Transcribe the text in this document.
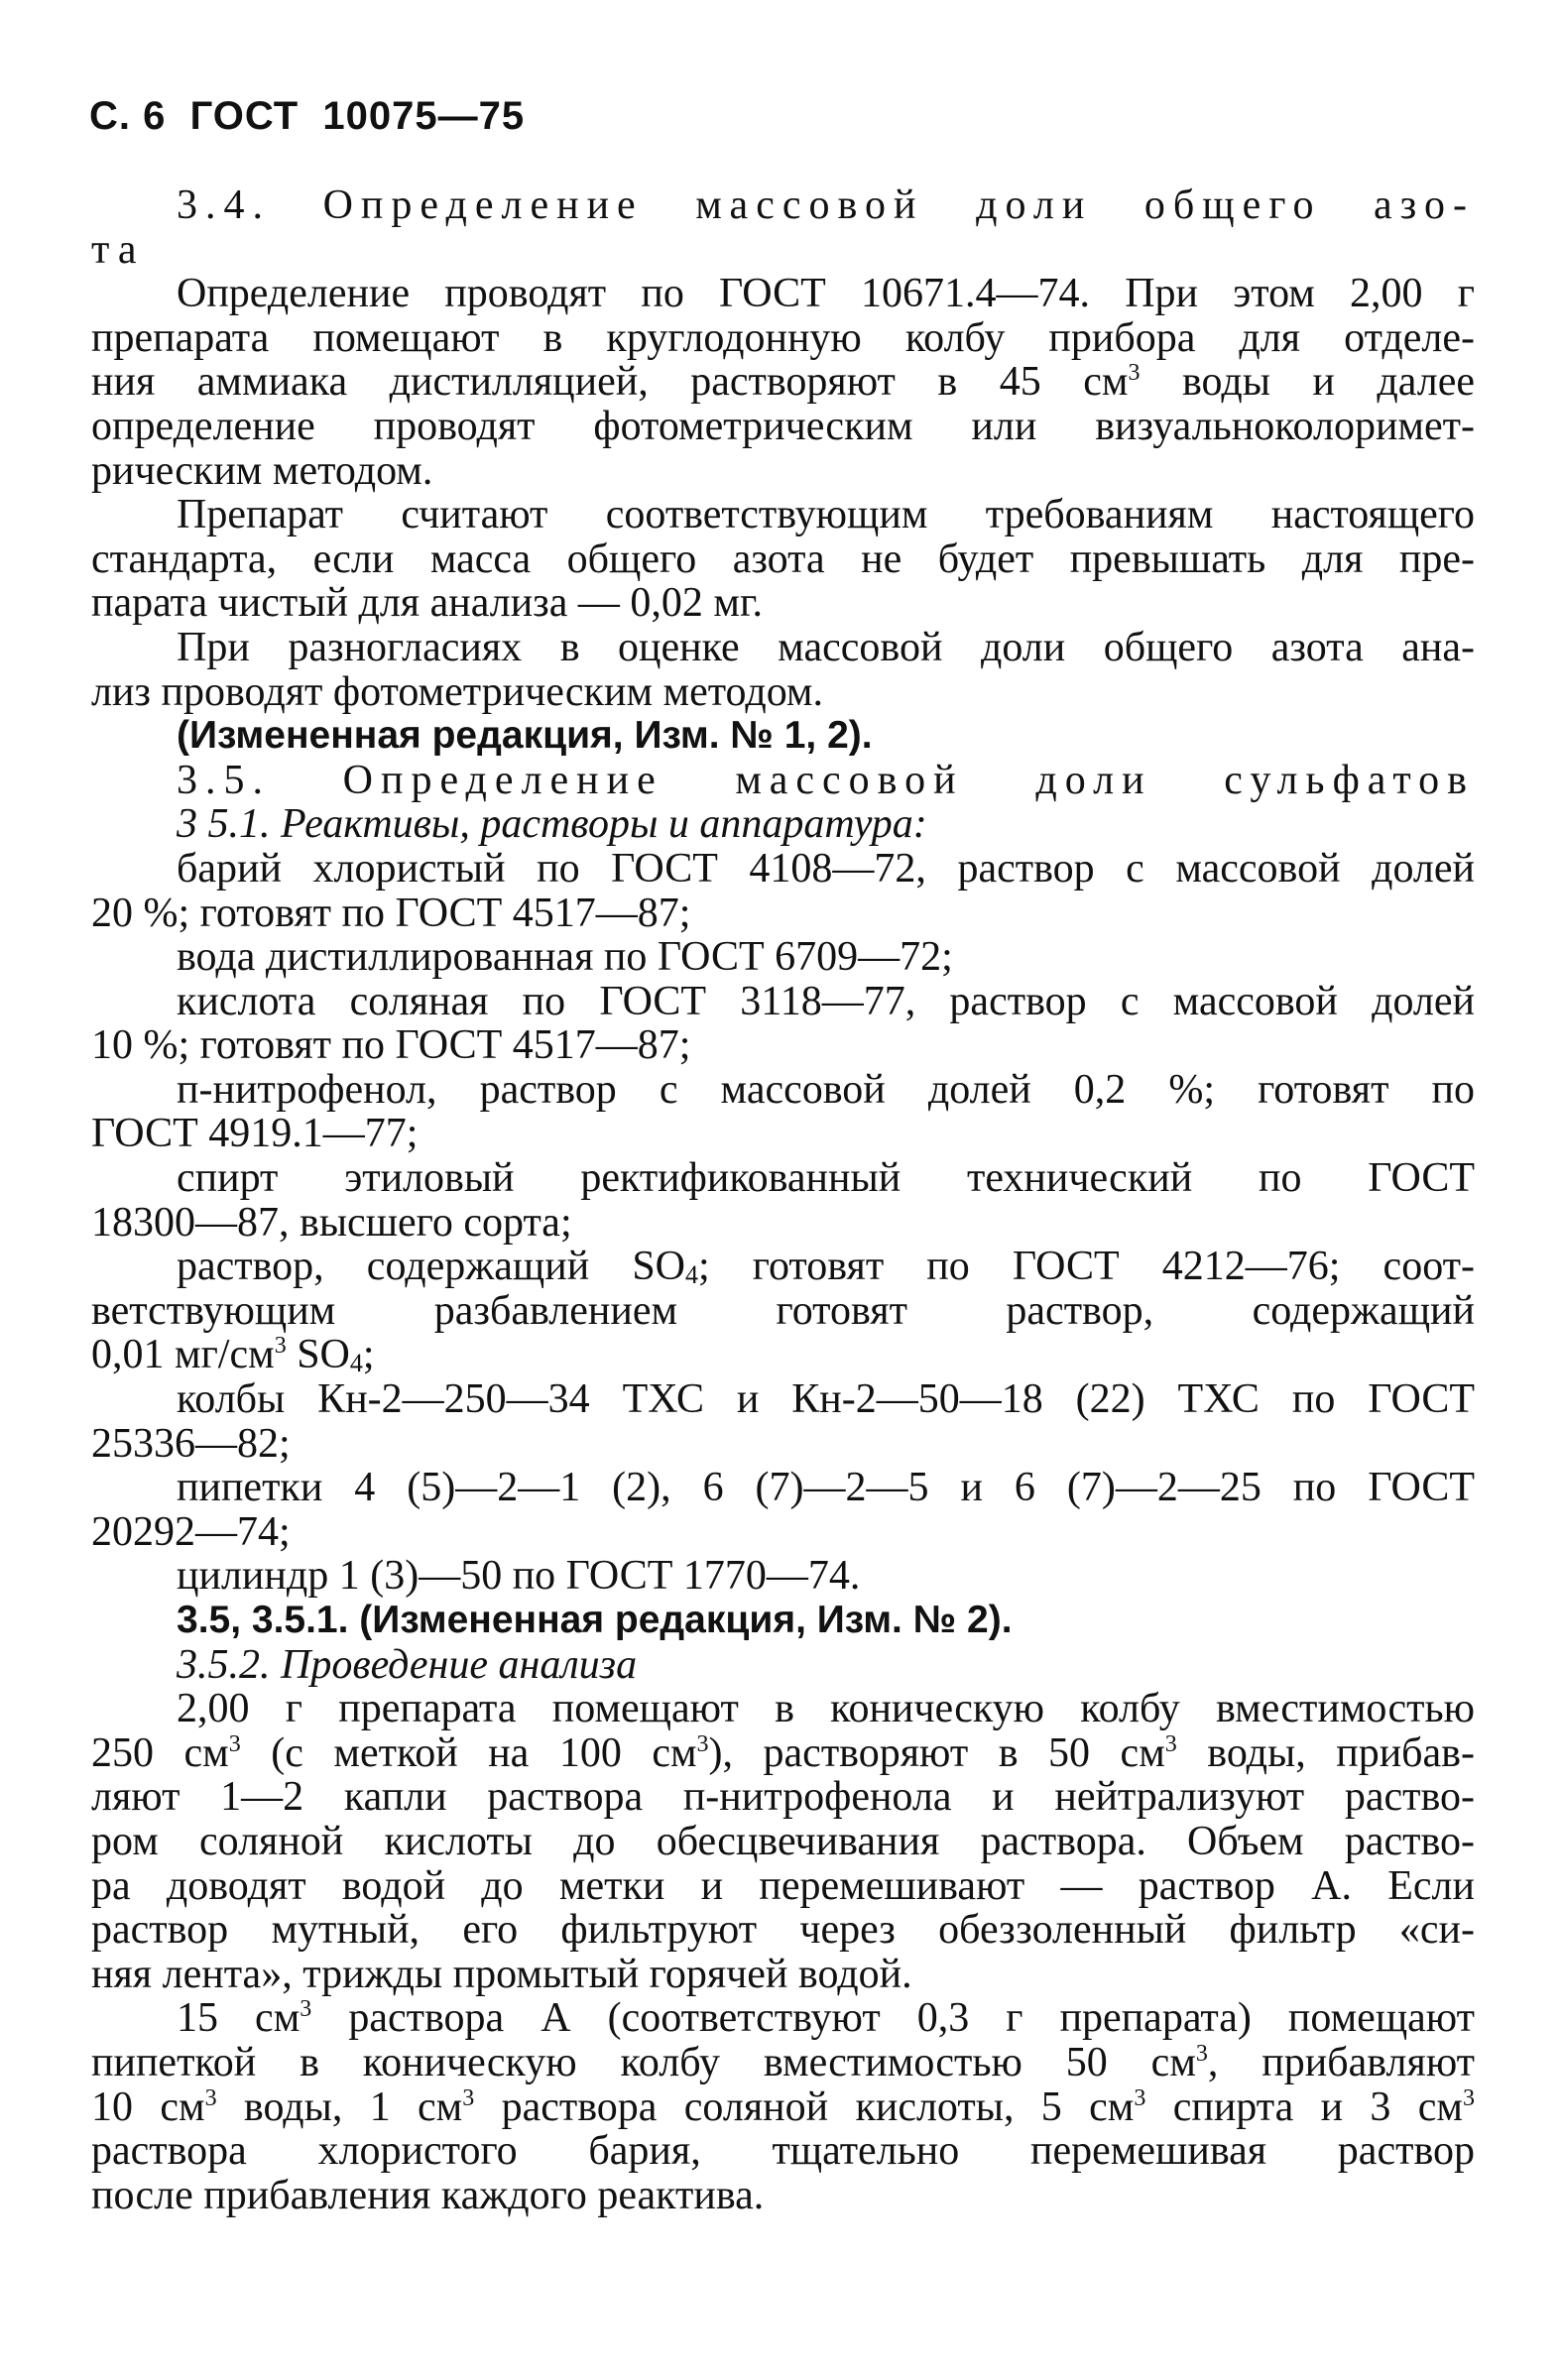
С. 6  ГОСТ  10075—75
3.4. Определение массовой доли общего азо-
та
Определение проводят по ГОСТ 10671.4—74. При этом 2,00 г
препарата помещают в круглодонную колбу прибора для отделе-
ния аммиака дистилляцией, растворяют в 45 $см^3$ воды и далее
определение проводят фотометрическим или визуальноколоримет-
рическим методом.
Препарат считают соответствующим требованиям настоящего
стандарта, если масса общего азота не будет превышать для пре-
парата чистый для анализа — 0,02 мг.
При разногласиях в оценке массовой доли общего азота ана-
лиз проводят фотометрическим методом.
(Измененная редакция, Изм. № 1, 2).
3.5. Определение массовой доли сульфатов
3 5.1. Реактивы, растворы и аппаратура:
барий хлористый по ГОСТ 4108—72, раствор с массовой долей
20 %; готовят по ГОСТ 4517—87;
вода дистиллированная по ГОСТ 6709—72;
кислота соляная по ГОСТ 3118—77, раствор с массовой долей
10 %; готовят по ГОСТ 4517—87;
п-нитрофенол, раствор с массовой долей 0,2 %; готовят по
ГОСТ 4919.1—77;
спирт этиловый ректификованный технический по ГОСТ
18300—87, высшего сорта;
раствор, содержащий $SO_4$; готовят по ГОСТ 4212—76; соот-
ветствующим разбавлением готовят раствор, содержащий
0,01 $мг/см^3$ $SO_4$;
колбы Кн-2—250—34 ТХС и Кн-2—50—18 (22) ТХС по ГОСТ
25336—82;
пипетки 4 (5)—2—1 (2), 6 (7)—2—5 и 6 (7)—2—25 по ГОСТ
20292—74;
цилиндр 1 (3)—50 по ГОСТ 1770—74.
3.5, 3.5.1. (Измененная редакция, Изм. № 2).
3.5.2. Проведение анализа
2,00 г препарата помещают в коническую колбу вместимостью
250 $см^3$ (с меткой на 100 $см^3$), растворяют в 50 $см^3$ воды, прибав-
ляют 1—2 капли раствора п-нитрофенола и нейтрализуют раство-
ром соляной кислоты до обесцвечивания раствора. Объем раство-
ра доводят водой до метки и перемешивают — раствор А. Если
раствор мутный, его фильтруют через обеззоленный фильтр «си-
няя лента», трижды промытый горячей водой.
15 $см^3$ раствора А (соответствуют 0,3 г препарата) помещают
пипеткой в коническую колбу вместимостью 50 $см^3$, прибавляют
10 $см^3$ воды, 1 $см^3$ раствора соляной кислоты, 5 $см^3$ спирта и 3 $см^3$
раствора хлористого бария, тщательно перемешивая раствор
после прибавления каждого реактива.
